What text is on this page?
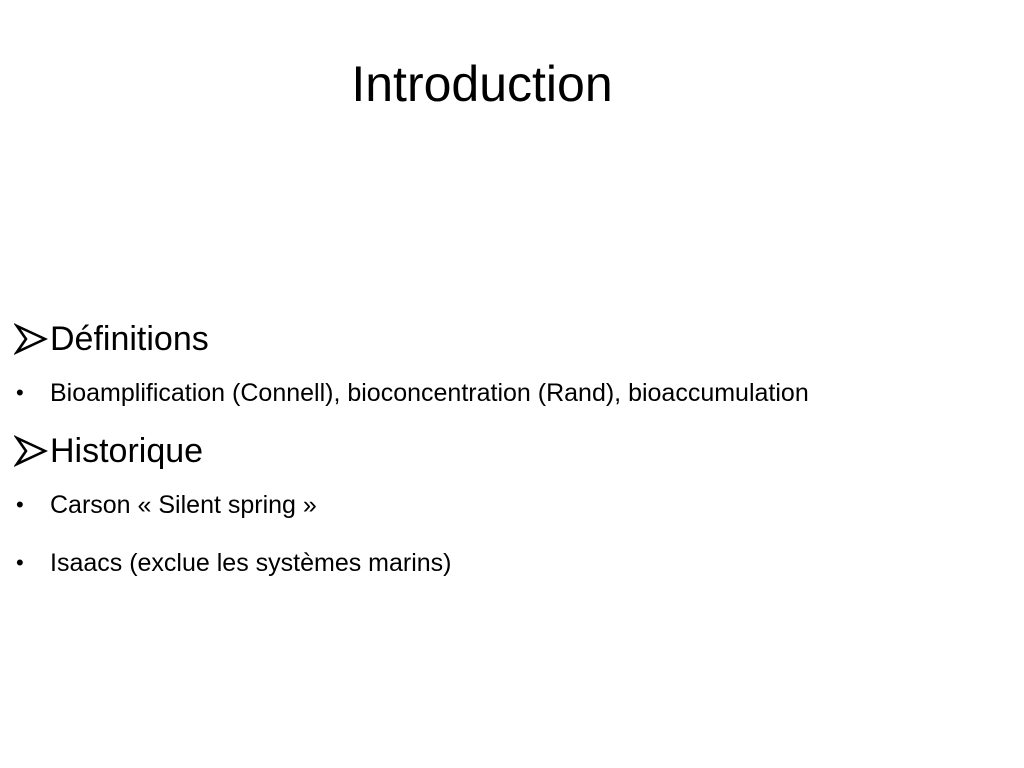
Introduction
Définitions
•	Bioamplification (Connell), bioconcentration (Rand), bioaccumulation
Historique
•	Carson « Silent spring »
•	Isaacs (exclue les systèmes marins)
